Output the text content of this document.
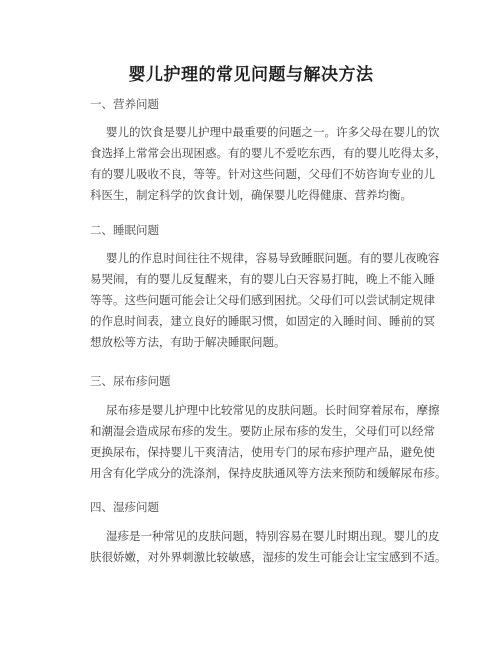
婴儿护理的常见问题与解决方法
一、营养问题
婴儿的饮食是婴儿护理中最重要的问题之一。许多父母在婴儿的饮
食选择上常常会出现困惑。有的婴儿不爱吃东西，有的婴儿吃得太多，
有的婴儿吸收不良，等等。针对这些问题，父母们不妨咨询专业的儿
科医生，制定科学的饮食计划，确保婴儿吃得健康、营养均衡。
二、睡眠问题
婴儿的作息时间往往不规律，容易导致睡眠问题。有的婴儿夜晚容
易哭闹，有的婴儿反复醒来，有的婴儿白天容易打盹，晚上不能入睡
等等。这些问题可能会让父母们感到困扰。父母们可以尝试制定规律
的作息时间表，建立良好的睡眠习惯，如固定的入睡时间、睡前的冥
想放松等方法，有助于解决睡眠问题。
三、尿布疹问题
尿布疹是婴儿护理中比较常见的皮肤问题。长时间穿着尿布，摩擦
和潮湿会造成尿布疹的发生。要防止尿布疹的发生，父母们可以经常
更换尿布，保持婴儿干爽清洁，使用专门的尿布疹护理产品，避免使
用含有化学成分的洗涤剂，保持皮肤通风等方法来预防和缓解尿布疹。
四、湿疹问题
湿疹是一种常见的皮肤问题，特别容易在婴儿时期出现。婴儿的皮
肤很娇嫩，对外界刺激比较敏感，湿疹的发生可能会让宝宝感到不适。
